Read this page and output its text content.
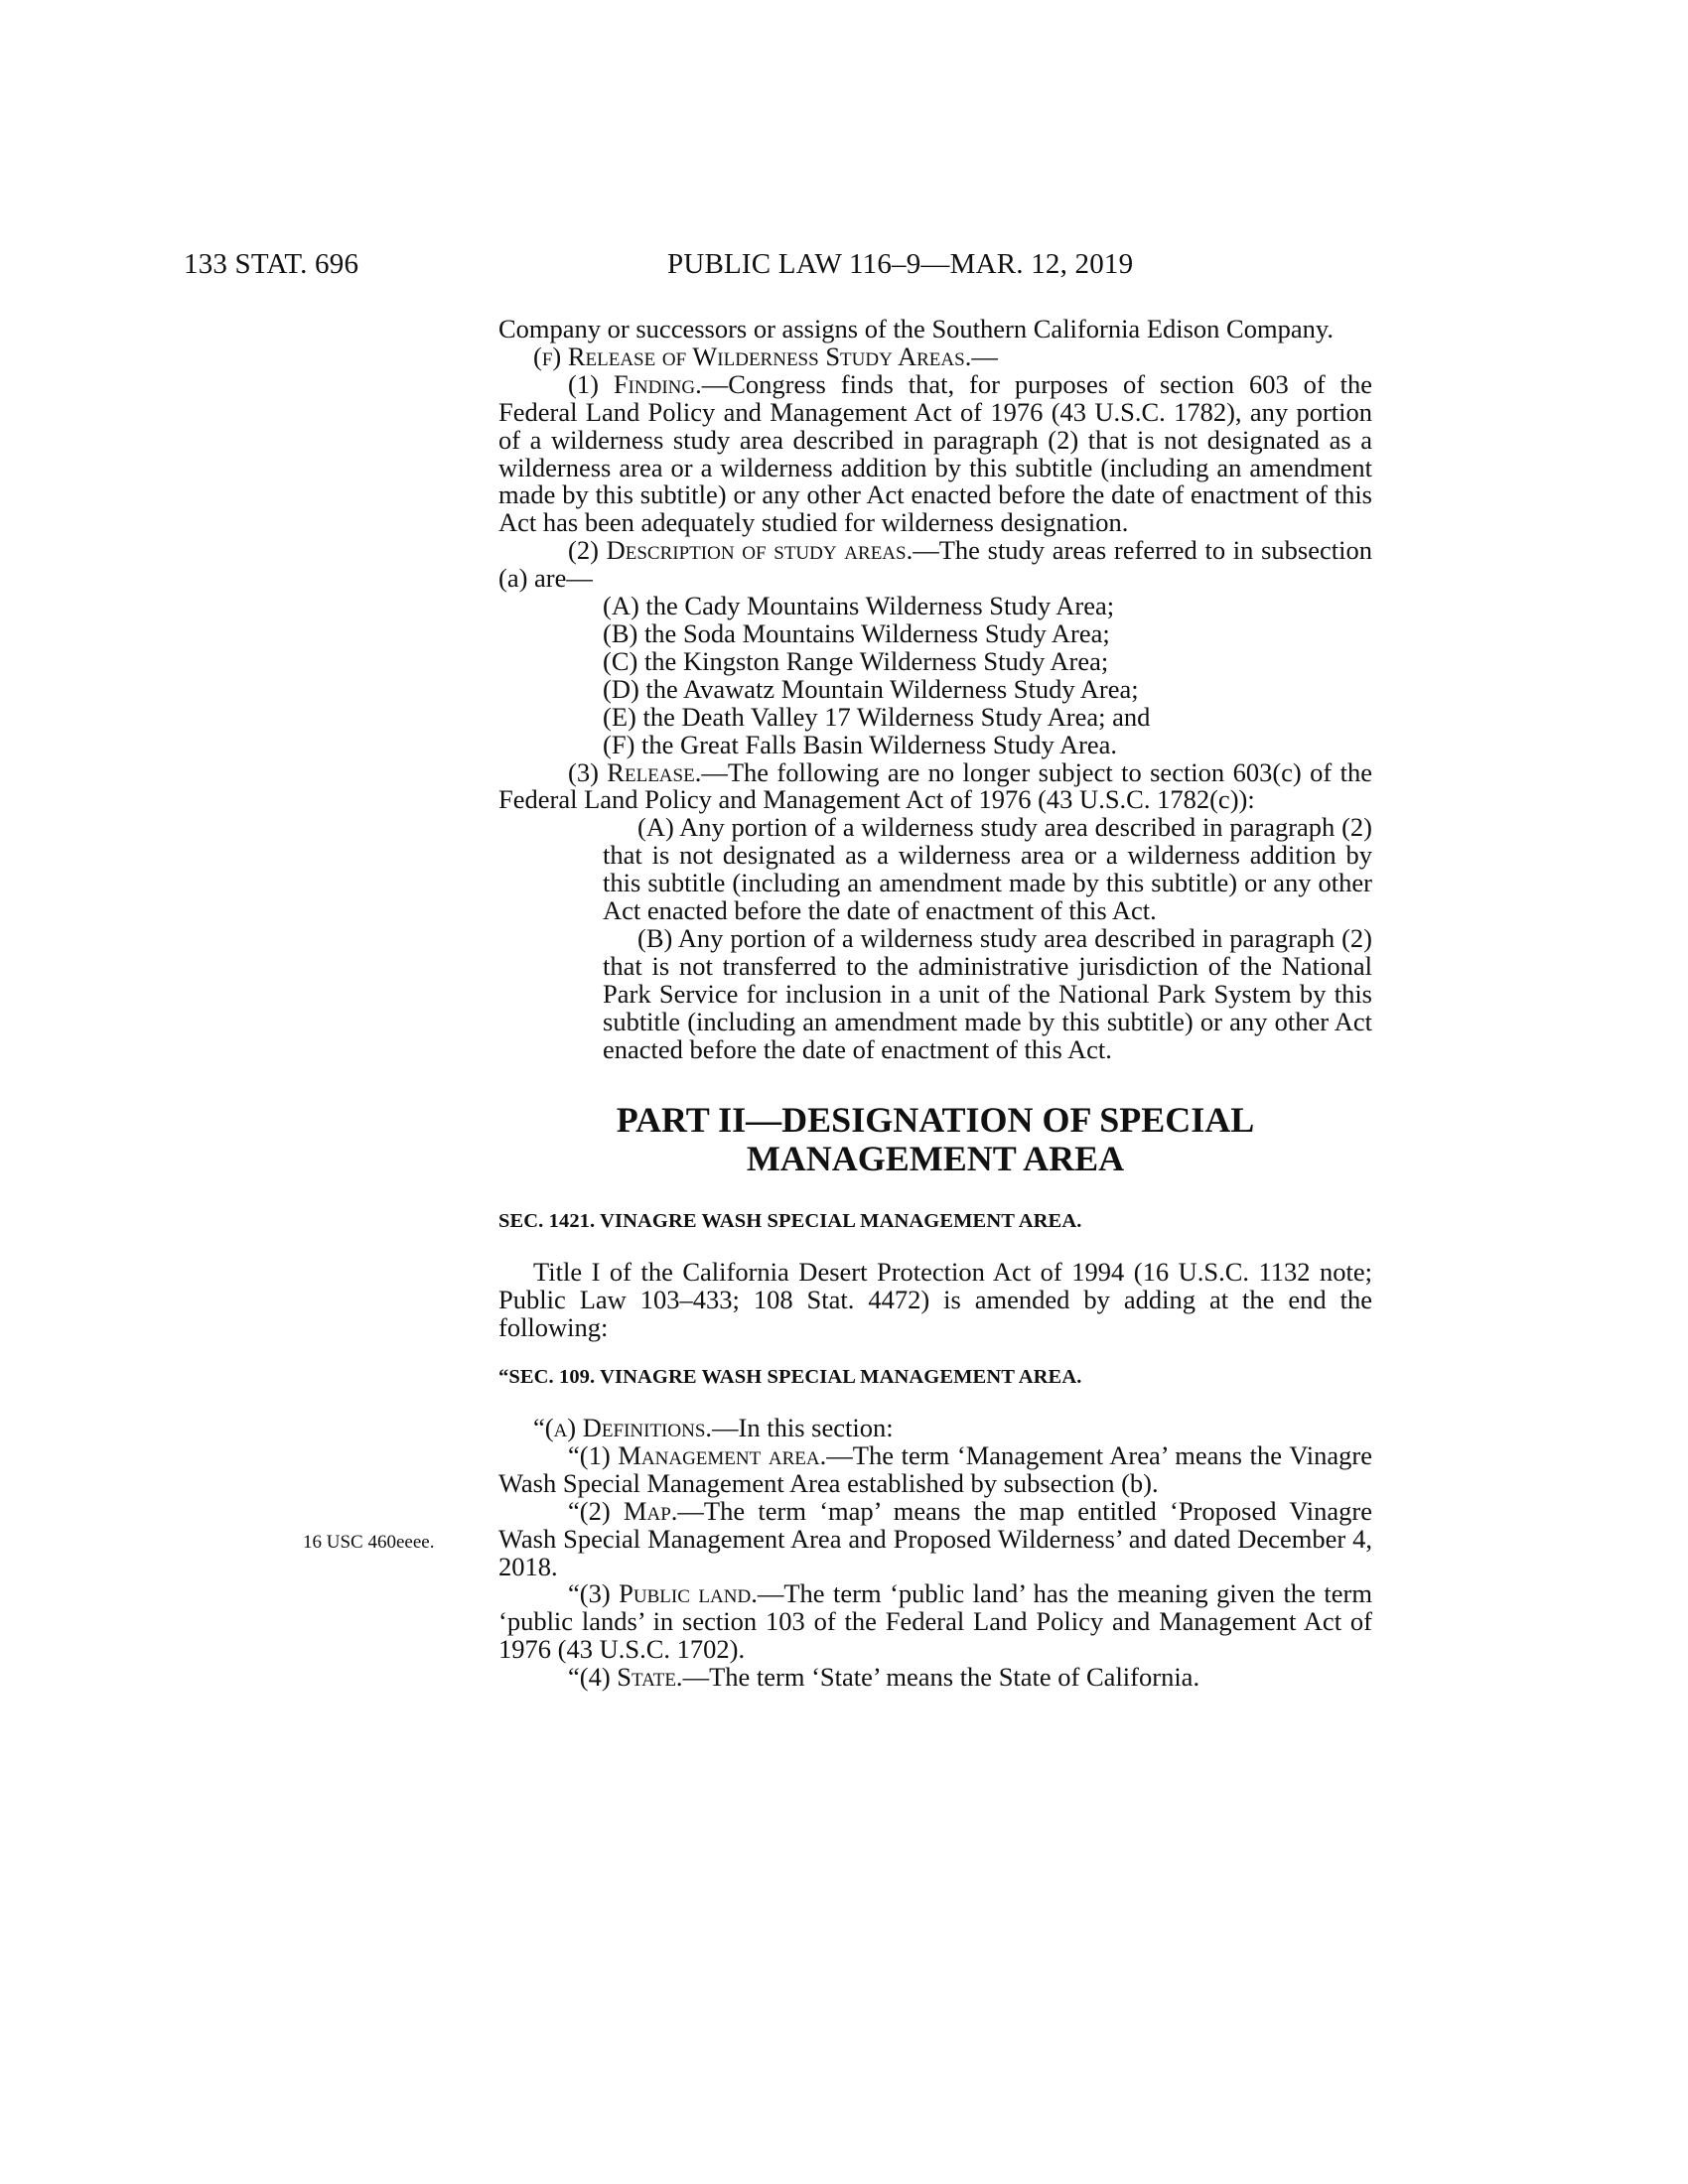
133 STAT. 696	PUBLIC LAW 116–9—MAR. 12, 2019
16 USC 460eeee.

Company or successors or assigns of the Southern California Edison Company.

(f) Release of Wilderness Study Areas.—

(1) Finding.—Congress finds that, for purposes of section 603 of the Federal Land Policy and Management Act of 1976 (43 U.S.C. 1782), any portion of a wilderness study area described in paragraph (2) that is not designated as a wilderness area or a wilderness addition by this subtitle (including an amendment made by this subtitle) or any other Act enacted before the date of enactment of this Act has been adequately studied for wilderness designation.

(2) Description of study areas.—The study areas referred to in subsection (a) are—

(A) the Cady Mountains Wilderness Study Area;

(B) the Soda Mountains Wilderness Study Area;

(C) the Kingston Range Wilderness Study Area;

(D) the Avawatz Mountain Wilderness Study Area;

(E) the Death Valley 17 Wilderness Study Area; and

(F) the Great Falls Basin Wilderness Study Area.

(3) Release.—The following are no longer subject to section 603(c) of the Federal Land Policy and Management Act of 1976 (43 U.S.C. 1782(c)):

(A) Any portion of a wilderness study area described in paragraph (2) that is not designated as a wilderness area or a wilderness addition by this subtitle (including an amendment made by this subtitle) or any other Act enacted before the date of enactment of this Act.

(B) Any portion of a wilderness study area described in paragraph (2) that is not transferred to the administrative jurisdiction of the National Park Service for inclusion in a unit of the National Park System by this subtitle (including an amendment made by this subtitle) or any other Act enacted before the date of enactment of this Act.

PART II—DESIGNATION OF SPECIAL
MANAGEMENT AREA

SEC. 1421. VINAGRE WASH SPECIAL MANAGEMENT AREA.

Title I of the California Desert Protection Act of 1994 (16 U.S.C. 1132 note; Public Law 103–433; 108 Stat. 4472) is amended by adding at the end the following:

“SEC. 109. VINAGRE WASH SPECIAL MANAGEMENT AREA.

“(a) Definitions.—In this section:

“(1) Management area.—The term ‘Management Area’ means the Vinagre Wash Special Management Area established by subsection (b).

“(2) Map.—The term ‘map’ means the map entitled ‘Proposed Vinagre Wash Special Management Area and Proposed Wilderness’ and dated December 4, 2018.

“(3) Public land.—The term ‘public land’ has the meaning given the term ‘public lands’ in section 103 of the Federal Land Policy and Management Act of 1976 (43 U.S.C. 1702).

“(4) State.—The term ‘State’ means the State of California.
